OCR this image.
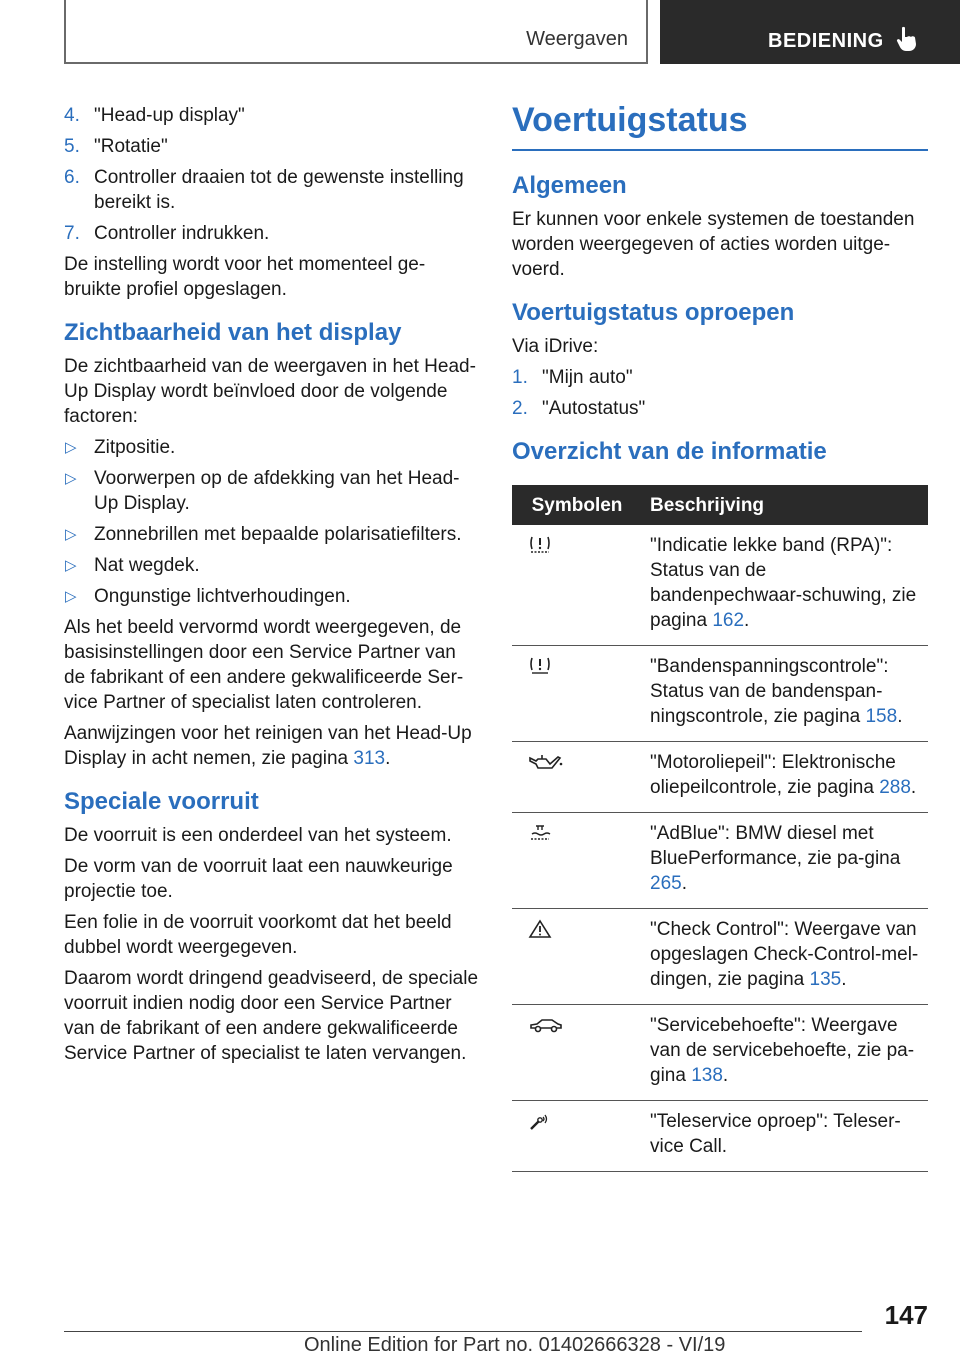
Weergaven	BEDIENING
4. "Head-up display"
5. "Rotatie"
6. Controller draaien tot de gewenste instelling bereikt is.
7. Controller indrukken.

De instelling wordt voor het momenteel ge-bruikte profiel opgeslagen.

Zichtbaarheid van het display

De zichtbaarheid van de weergaven in het Head-Up Display wordt beïnvloed door de volgende factoren:

▷ Zitpositie.
▷ Voorwerpen op de afdekking van het Head-Up Display.
▷ Zonnebrillen met bepaalde polarisatiefilters.
▷ Nat wegdek.
▷ Ongunstige lichtverhoudingen.

Als het beeld vervormd wordt weergegeven, de basisinstellingen door een Service Partner van de fabrikant of een andere gekwalificeerde Ser-vice Partner of specialist laten controleren.

Aanwijzingen voor het reinigen van het Head-Up Display in acht nemen, zie pagina 313.

Speciale voorruit

De voorruit is een onderdeel van het systeem.

De vorm van de voorruit laat een nauwkeurige projectie toe.

Een folie in de voorruit voorkomt dat het beeld dubbel wordt weergegeven.

Daarom wordt dringend geadviseerd, de speciale voorruit indien nodig door een Service Partner van de fabrikant of een andere gekwalificeerde Service Partner of specialist te laten vervangen.

Voertuigstatus
Algemeen

Er kunnen voor enkele systemen de toestanden worden weergegeven of acties worden uitge-voerd.

Voertuigstatus oproepen

Via iDrive:

1. "Mijn auto"
2. "Autostatus"
Overzicht van de informatie
Symbolen	Beschrijving

	"Indicatie lekke band (RPA)": Status van de bandenpechwaar-schuwing, zie pagina 162.

	"Bandenspanningscontrole": Status van de bandenspan-ningscontrole, zie pagina 158.

	"Motoroliepeil": Elektronische oliepeilcontrole, zie pagina 288.

	"AdBlue": BMW diesel met BluePerformance, zie pa-gina 265.

	"Check Control": Weergave van opgeslagen Check-Control-mel-dingen, zie pagina 135.

	"Servicebehoefte": Weergave van de servicebehoefte, zie pa-gina 138.

	"Teleservice oproep": Teleser-vice Call.
147
Online Edition for Part no. 01402666328 - VI/19
